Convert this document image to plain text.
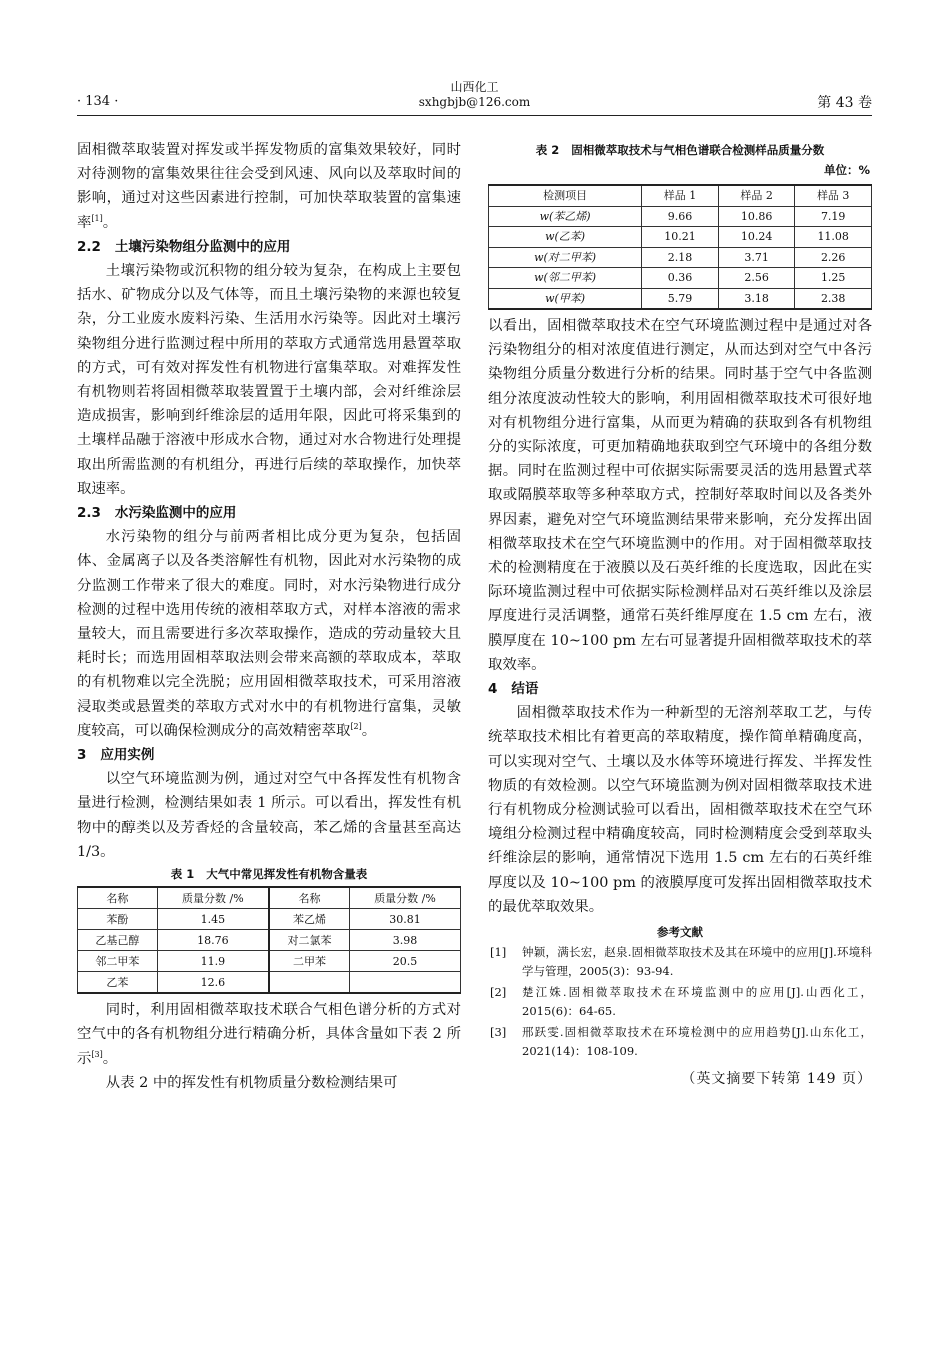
· 134 ·
山西化工
sxhgbjb@126.com	第 43 卷

固相微萃取装置对挥发或半挥发物质的富集效果较好，同时对待测物的富集效果往往会受到风速、风向以及萃取时间的影响，通过对这些因素进行控制，可加快萃取装置的富集速率[1]。

2.2 土壤污染物组分监测中的应用

土壤污染物或沉积物的组分较为复杂，在构成上主要包括水、矿物成分以及气体等，而且土壤污染物的来源也较复杂，分工业废水废料污染、生活用水污染等。因此对土壤污染物组分进行监测过程中所用的萃取方式通常选用悬置萃取的方式，可有效对挥发性有机物进行富集萃取。对难挥发性有机物则若将固相微萃取装置置于土壤内部，会对纤维涂层造成损害，影响到纤维涂层的适用年限，因此可将采集到的土壤样品融于溶液中形成水合物，通过对水合物进行处理提取出所需监测的有机组分，再进行后续的萃取操作，加快萃取速率。

2.3 水污染监测中的应用

水污染物的组分与前两者相比成分更为复杂，包括固体、金属离子以及各类溶解性有机物，因此对水污染物的成分监测工作带来了很大的难度。同时，对水污染物进行成分检测的过程中选用传统的液相萃取方式，对样本溶液的需求量较大，而且需要进行多次萃取操作，造成的劳动量较大且耗时长；而选用固相萃取法则会带来高额的萃取成本，萃取的有机物难以完全洗脱；应用固相微萃取技术，可采用溶液浸取类或悬置类的萃取方式对水中的有机物进行富集，灵敏度较高，可以确保检测成分的高效精密萃取[2]。

3 应用实例

以空气环境监测为例，通过对空气中各挥发性有机物含量进行检测，检测结果如表 1 所示。可以看出，挥发性有机物中的醇类以及芳香烃的含量较高，苯乙烯的含量甚至高达 1/3。

表 1 大气中常见挥发性有机物含量表
名称	质量分数 /%	名称	质量分数 /%
苯酚	1.45	苯乙烯	30.81
乙基己醇	18.76	对二氯苯	3.98
邻二甲苯	11.9	二甲苯	20.5
乙苯	12.6		

同时，利用固相微萃取技术联合气相色谱分析的方式对空气中的各有机物组分进行精确分析，具体含量如下表 2 所示[3]。

从表 2 中的挥发性有机物质量分数检测结果可

表 2 固相微萃取技术与气相色谱联合检测样品质量分数
单位：%
检测项目	样品 1	样品 2	样品 3
w(苯乙烯)	9.66	10.86	7.19
w(乙苯)	10.21	10.24	11.08
w(对二甲苯)	2.18	3.71	2.26
w(邻二甲苯)	0.36	2.56	1.25
w(甲苯)	5.79	3.18	2.38

以看出，固相微萃取技术在空气环境监测过程中是通过对各污染物组分的相对浓度值进行测定，从而达到对空气中各污染物组分质量分数进行分析的结果。同时基于空气中各监测组分浓度波动性较大的影响，利用固相微萃取技术可很好地对有机物组分进行富集，从而更为精确的获取到各有机物组分的实际浓度，可更加精确地获取到空气环境中的各组分数据。同时在监测过程中可依据实际需要灵活的选用悬置式萃取或隔膜萃取等多种萃取方式，控制好萃取时间以及各类外界因素，避免对空气环境监测结果带来影响，充分发挥出固相微萃取技术在空气环境监测中的作用。对于固相微萃取技术的检测精度在于液膜以及石英纤维的长度选取，因此在实际环境监测过程中可依据实际检测样品对石英纤维以及涂层厚度进行灵活调整，通常石英纤维厚度在 1.5 cm 左右，液膜厚度在 10~100 pm 左右可显著提升固相微萃取技术的萃取效率。

4 结语

固相微萃取技术作为一种新型的无溶剂萃取工艺，与传统萃取技术相比有着更高的萃取精度，操作简单精确度高，可以实现对空气、土壤以及水体等环境进行挥发、半挥发性物质的有效检测。以空气环境监测为例对固相微萃取技术进行有机物成分检测试验可以看出，固相微萃取技术在空气环境组分检测过程中精确度较高，同时检测精度会受到萃取头纤维涂层的影响，通常情况下选用 1.5 cm 左右的石英纤维厚度以及 10~100 pm 的液膜厚度可发挥出固相微萃取技术的最优萃取效果。

参考文献
[1] 钟颖，满长宏，赵泉.固相微萃取技术及其在环境中的应用[J].环境科学与管理，2005(3)：93-94.
[2] 楚江姝.固相微萃取技术在环境监测中的应用[J].山西化工，2015(6)：64-65.
[3] 邢跃雯.固相微萃取技术在环境检测中的应用趋势[J].山东化工，2021(14)：108-109.
（英文摘要下转第 149 页）
